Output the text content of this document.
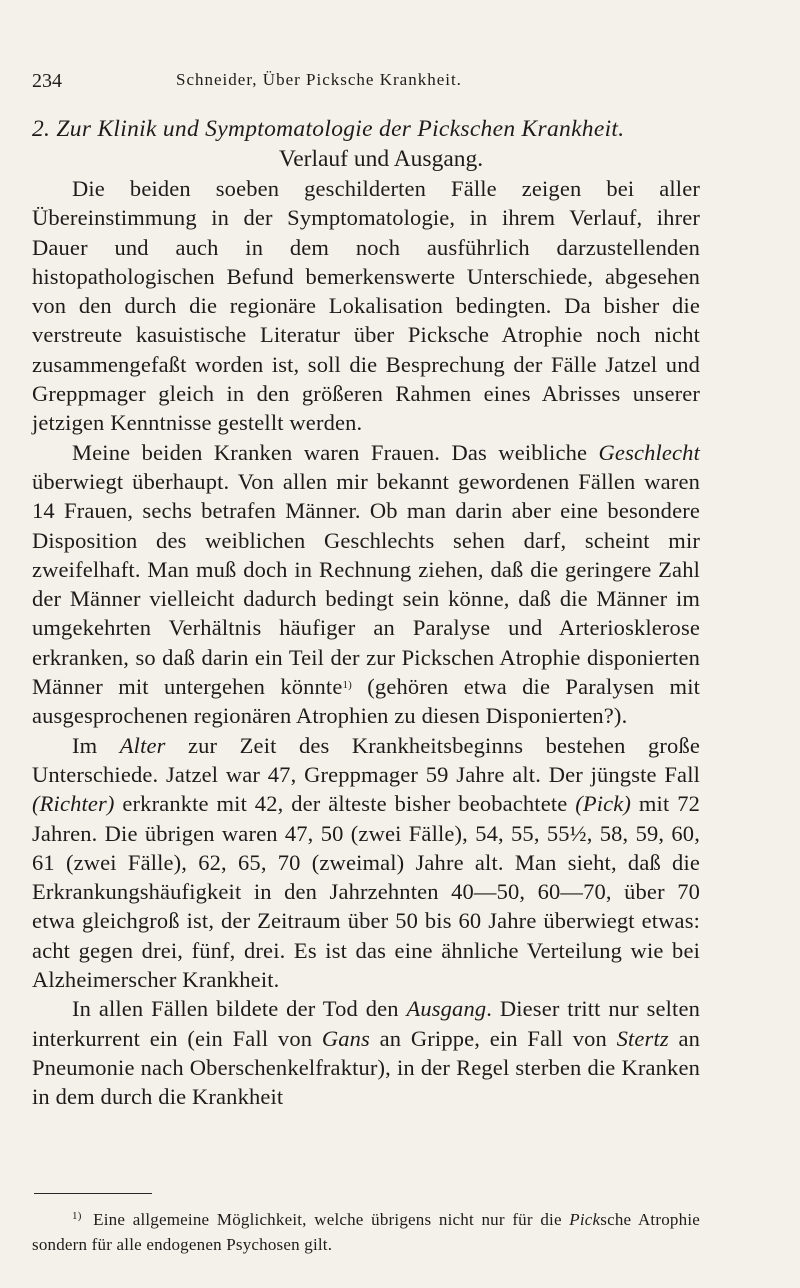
234	Schneider, Über Picksche Krankheit.
2. Zur Klinik und Symptomatologie der Pickschen Krankheit.
Verlauf und Ausgang.

Die beiden soeben geschilderten Fälle zeigen bei aller Übereinstimmung in der Symptomatologie, in ihrem Verlauf, ihrer Dauer und auch in dem noch ausführlich darzustellenden histopathologischen Befund bemerkenswerte Unterschiede, abgesehen von den durch die regionäre Lokalisation bedingten. Da bisher die verstreute kasuistische Literatur über Picksche Atrophie noch nicht zusammengefaßt worden ist, soll die Besprechung der Fälle Jatzel und Greppmager gleich in den größeren Rahmen eines Abrisses unserer jetzigen Kenntnisse gestellt werden.

Meine beiden Kranken waren Frauen. Das weibliche Geschlecht überwiegt überhaupt. Von allen mir bekannt gewordenen Fällen waren 14 Frauen, sechs betrafen Männer. Ob man darin aber eine besondere Disposition des weiblichen Geschlechts sehen darf, scheint mir zweifelhaft. Man muß doch in Rechnung ziehen, daß die geringere Zahl der Männer vielleicht dadurch bedingt sein könne, daß die Männer im umgekehrten Verhältnis häufiger an Paralyse und Arteriosklerose erkranken, so daß darin ein Teil der zur Pickschen Atrophie disponierten Männer mit untergehen könnte$^{1)}$ (gehören etwa die Paralysen mit ausgesprochenen regionären Atrophien zu diesen Disponierten?).

Im Alter zur Zeit des Krankheitsbeginns bestehen große Unterschiede. Jatzel war 47, Greppmager 59 Jahre alt. Der jüngste Fall (Richter) erkrankte mit 42, der älteste bisher beobachtete (Pick) mit 72 Jahren. Die übrigen waren 47, 50 (zwei Fälle), 54, 55, 55½, 58, 59, 60, 61 (zwei Fälle), 62, 65, 70 (zweimal) Jahre alt. Man sieht, daß die Erkrankungshäufigkeit in den Jahrzehnten 40—50, 60—70, über 70 etwa gleichgroß ist, der Zeitraum über 50 bis 60 Jahre überwiegt etwas: acht gegen drei, fünf, drei. Es ist das eine ähnliche Verteilung wie bei Alzheimerscher Krankheit.

In allen Fällen bildete der Tod den Ausgang. Dieser tritt nur selten interkurrent ein (ein Fall von Gans an Grippe, ein Fall von Stertz an Pneumonie nach Oberschenkelfraktur), in der Regel sterben die Kranken in dem durch die Krankheit

$^{1)}$ Eine allgemeine Möglichkeit, welche übrigens nicht nur für die Picksche Atrophie sondern für alle endogenen Psychosen gilt.
